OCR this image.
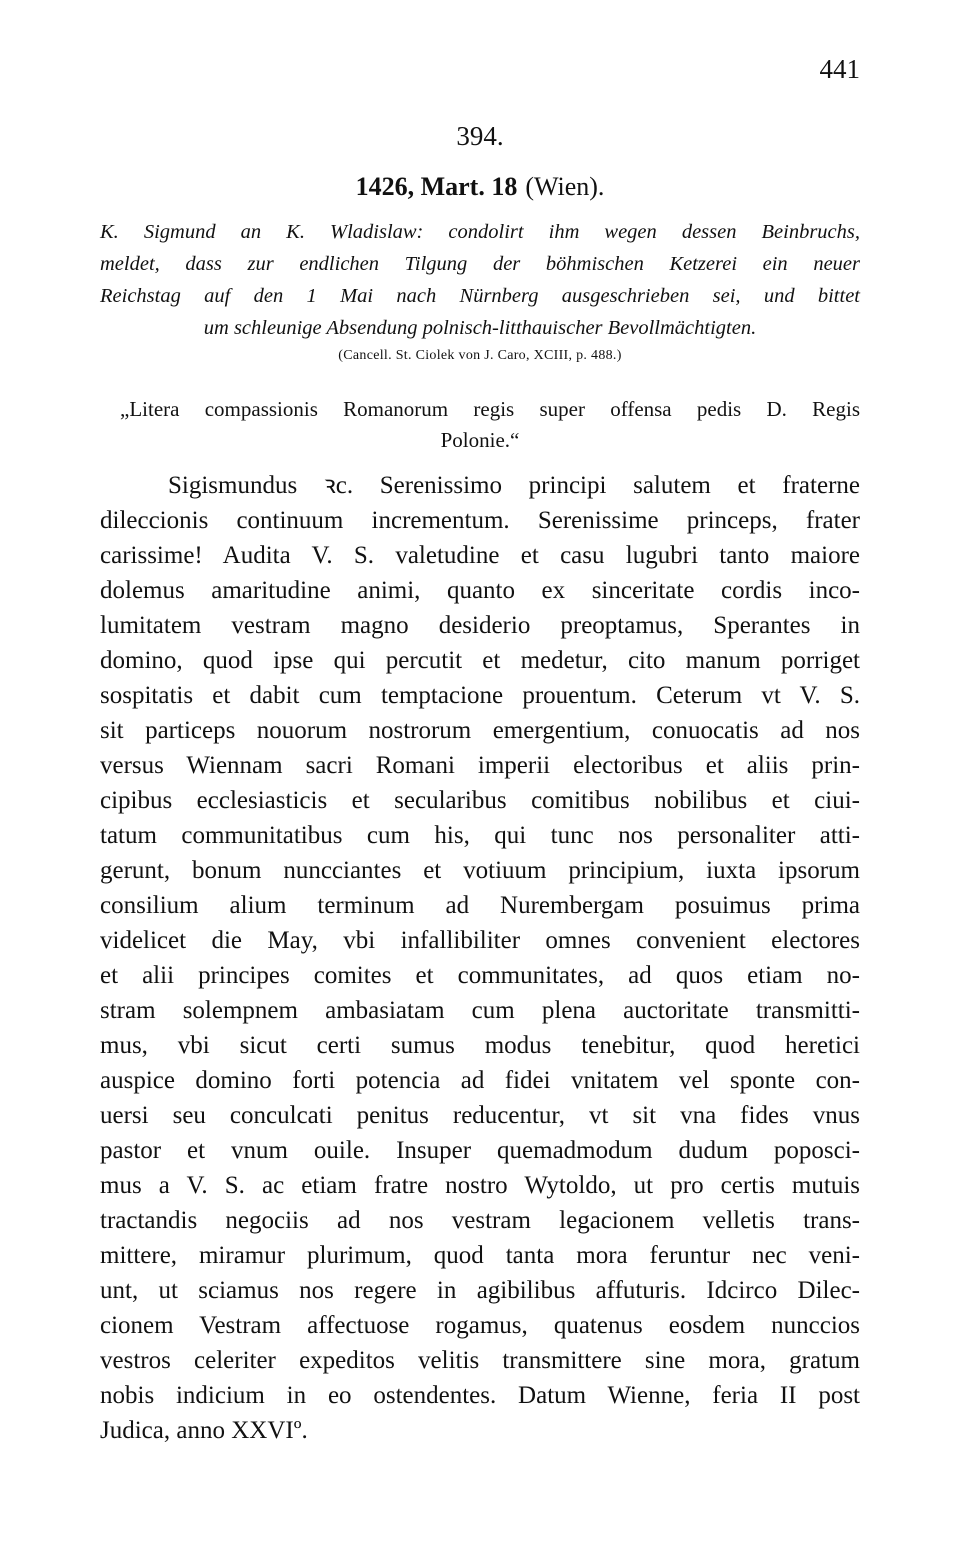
441
394.
1426, Mart. 18 (Wien).
K. Sigmund an K. Wladislaw: condolirt ihm wegen dessen Beinbruchs,
meldet, dass zur endlichen Tilgung der böhmischen Ketzerei ein neuer
Reichstag auf den 1 Mai nach Nürnberg ausgeschrieben sei, und bittet
um schleunige Absendung polnisch-litthauischer Bevollmächtigten.
(Cancell. St. Ciolek von J. Caro, XCIII, p. 488.)
„Litera compassionis Romanorum regis super offensa pedis D. Regis
Polonie.“
Sigismundus ꝛc. Serenissimo principi salutem et fraterne
dileccionis continuum incrementum. Serenissime princeps, frater
carissime! Audita V. S. valetudine et casu lugubri tanto maiore
dolemus amaritudine animi, quanto ex sinceritate cordis inco-
lumitatem vestram magno desiderio preoptamus, Sperantes in
domino, quod ipse qui percutit et medetur, cito manum porriget
sospitatis et dabit cum temptacione prouentum. Ceterum vt V. S.
sit particeps nouorum nostrorum emergentium, conuocatis ad nos
versus Wiennam sacri Romani imperii electoribus et aliis prin-
cipibus ecclesiasticis et secularibus comitibus nobilibus et ciui-
tatum communitatibus cum his, qui tunc nos personaliter atti-
gerunt, bonum nuncciantes et votiuum principium, iuxta ipsorum
consilium alium terminum ad Nurembergam posuimus prima
videlicet die May, vbi infallibiliter omnes convenient electores
et alii principes comites et communitates, ad quos etiam no-
stram solempnem ambasiatam cum plena auctoritate transmitti-
mus, vbi sicut certi sumus modus tenebitur, quod heretici
auspice domino forti potencia ad fidei vnitatem vel sponte con-
uersi seu conculcati penitus reducentur, vt sit vna fides vnus
pastor et vnum ouile. Insuper quemadmodum dudum poposci-
mus a V. S. ac etiam fratre nostro Wytoldo, ut pro certis mutuis
tractandis negociis ad nos vestram legacionem velletis trans-
mittere, miramur plurimum, quod tanta mora feruntur nec veni-
unt, ut sciamus nos regere in agibilibus affuturis. Idcirco Dilec-
cionem Vestram affectuose rogamus, quatenus eosdem nunccios
vestros celeriter expeditos velitis transmittere sine mora, gratum
nobis indicium in eo ostendentes. Datum Wienne, feria II post
Judica, anno XXVIº.
